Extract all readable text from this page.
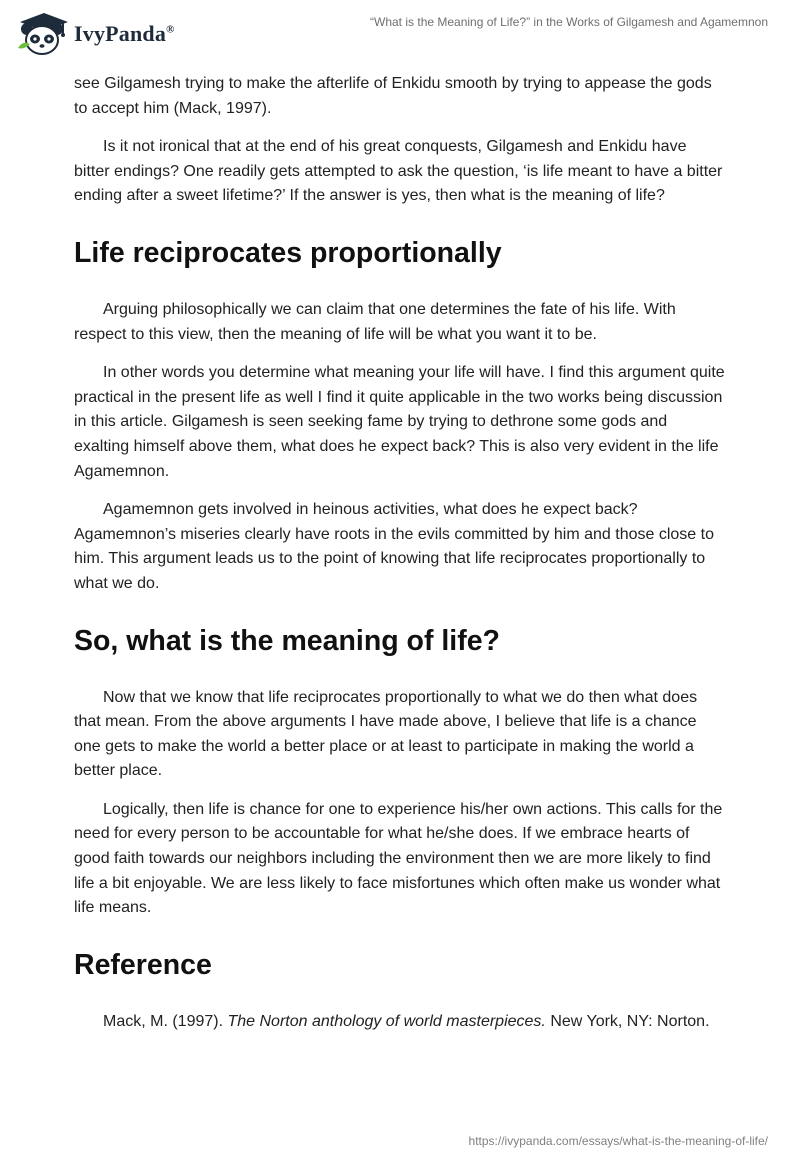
IvyPanda®
“What is the Meaning of Life?” in the Works of Gilgamesh and Agamemnon

see Gilgamesh trying to make the afterlife of Enkidu smooth by trying to appease the gods to accept him (Mack, 1997).

Is it not ironical that at the end of his great conquests, Gilgamesh and Enkidu have bitter endings? One readily gets attempted to ask the question, ‘is life meant to have a bitter ending after a sweet lifetime?’ If the answer is yes, then what is the meaning of life?

Life reciprocates proportionally

Arguing philosophically we can claim that one determines the fate of his life. With respect to this view, then the meaning of life will be what you want it to be.

In other words you determine what meaning your life will have. I find this argument quite practical in the present life as well I find it quite applicable in the two works being discussion in this article. Gilgamesh is seen seeking fame by trying to dethrone some gods and exalting himself above them, what does he expect back? This is also very evident in the life Agamemnon.

Agamemnon gets involved in heinous activities, what does he expect back? Agamemnon’s miseries clearly have roots in the evils committed by him and those close to him. This argument leads us to the point of knowing that life reciprocates proportionally to what we do.

So, what is the meaning of life?

Now that we know that life reciprocates proportionally to what we do then what does that mean. From the above arguments I have made above, I believe that life is a chance one gets to make the world a better place or at least to participate in making the world a better place.

Logically, then life is chance for one to experience his/her own actions. This calls for the need for every person to be accountable for what he/she does. If we embrace hearts of good faith towards our neighbors including the environment then we are more likely to find life a bit enjoyable. We are less likely to face misfortunes which often make us wonder what life means.

Reference

Mack, M. (1997). The Norton anthology of world masterpieces. New York, NY: Norton.

https://ivypanda.com/essays/what-is-the-meaning-of-life/
